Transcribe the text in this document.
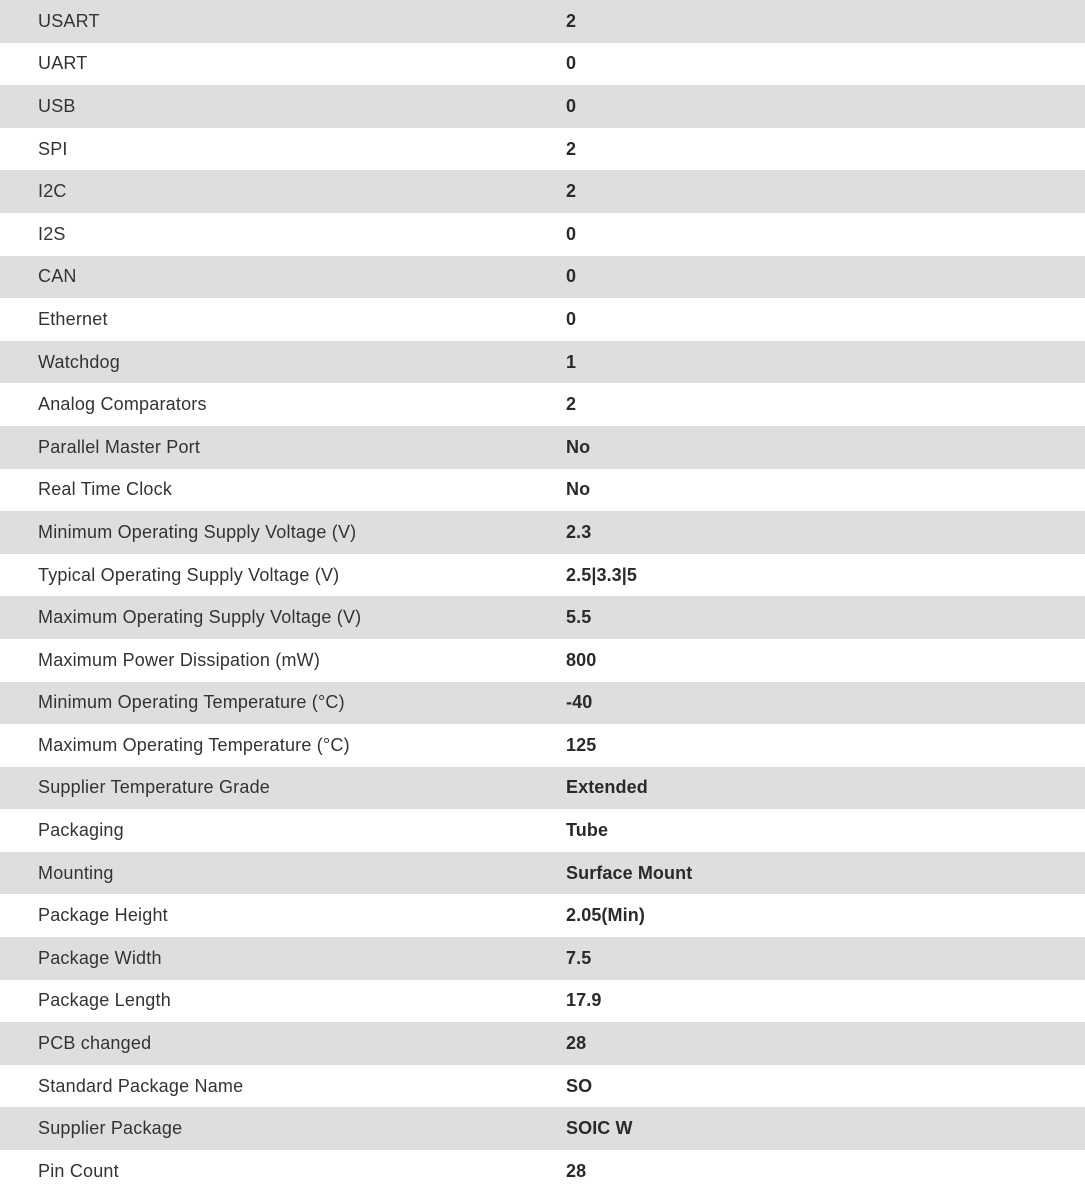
USART	2
UART	0
USB	0
SPI	2
I2C	2
I2S	0
CAN	0
Ethernet	0
Watchdog	1
Analog Comparators	2
Parallel Master Port	No
Real Time Clock	No
Minimum Operating Supply Voltage (V)	2.3
Typical Operating Supply Voltage (V)	2.5|3.3|5
Maximum Operating Supply Voltage (V)	5.5
Maximum Power Dissipation (mW)	800
Minimum Operating Temperature (°C)	-40
Maximum Operating Temperature (°C)	125
Supplier Temperature Grade	Extended
Packaging	Tube
Mounting	Surface Mount
Package Height	2.05(Min)
Package Width	7.5
Package Length	17.9
PCB changed	28
Standard Package Name	SO
Supplier Package	SOIC W
Pin Count	28
